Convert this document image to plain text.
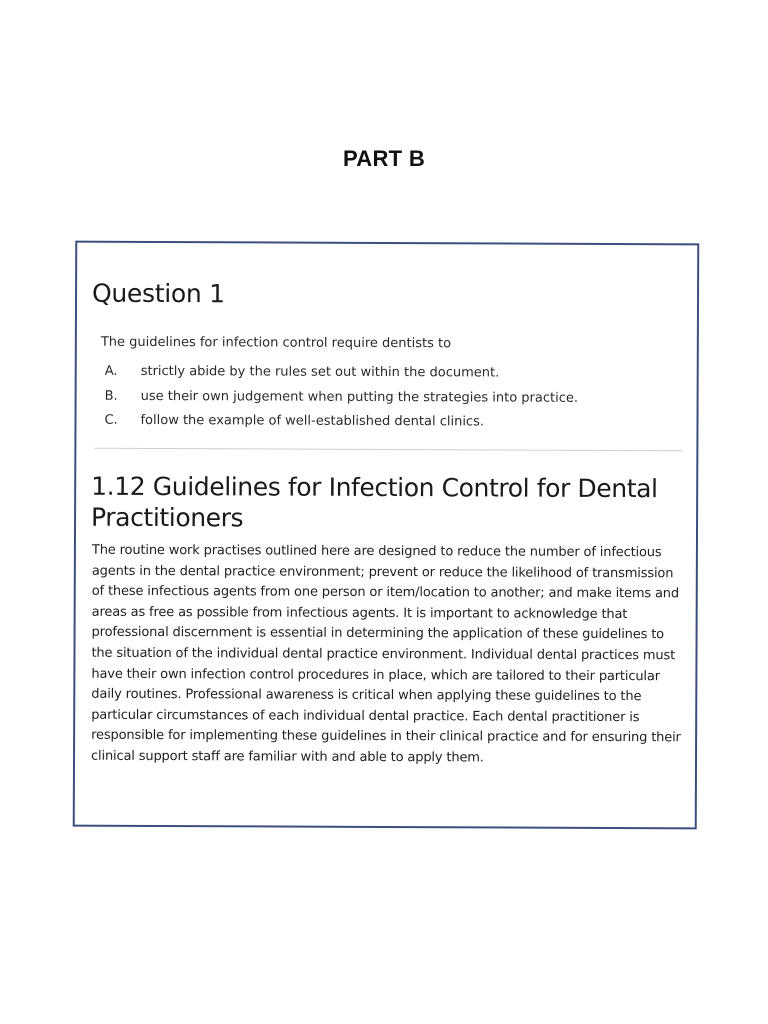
PART B
Question 1

The guidelines for infection control require dentists to

A. strictly abide by the rules set out within the document.
B. use their own judgement when putting the strategies into practice.
C. follow the example of well-established dental clinics.
1.12 Guidelines for Infection Control for Dental Practitioners

The routine work practises outlined here are designed to reduce the number of infectious agents in the dental practice environment; prevent or reduce the likelihood of transmission of these infectious agents from one person or item/location to another; and make items and areas as free as possible from infectious agents. It is important to acknowledge that professional discernment is essential in determining the application of these guidelines to the situation of the individual dental practice environment. Individual dental practices must have their own infection control procedures in place, which are tailored to their particular daily routines. Professional awareness is critical when applying these guidelines to the particular circumstances of each individual dental practice. Each dental practitioner is responsible for implementing these guidelines in their clinical practice and for ensuring their clinical support staff are familiar with and able to apply them.
